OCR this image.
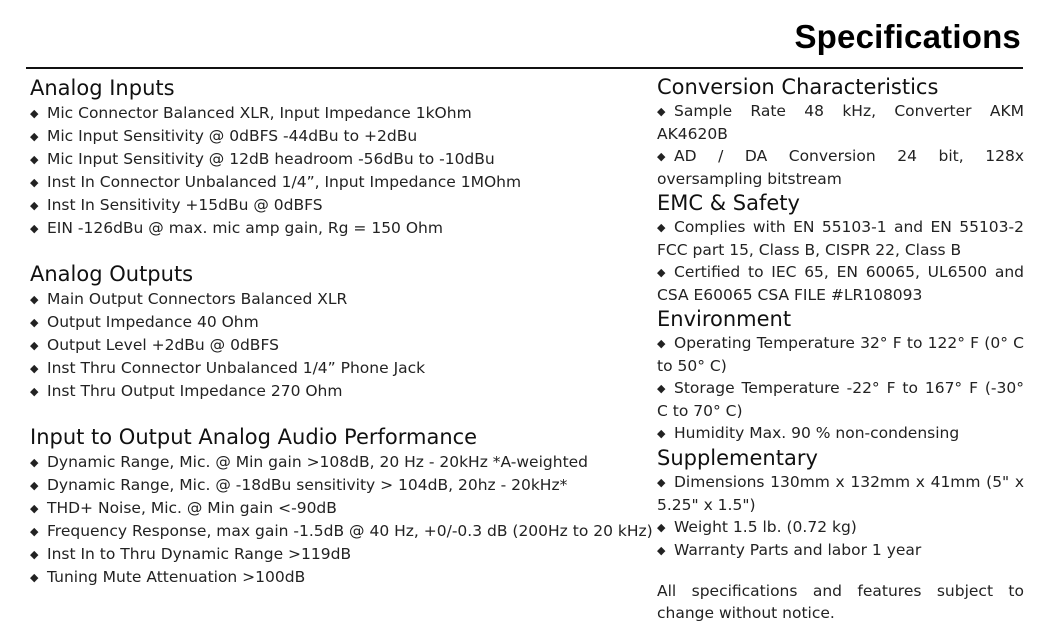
Specifications
Analog Inputs
◆ Mic Connector Balanced XLR, Input Impedance 1kOhm
◆ Mic Input Sensitivity @ 0dBFS -44dBu to +2dBu
◆ Mic Input Sensitivity @ 12dB headroom -56dBu to -10dBu
◆ Inst In Connector Unbalanced 1/4”, Input Impedance 1MOhm
◆ Inst In Sensitivity +15dBu @ 0dBFS
◆ EIN -126dBu @ max. mic amp gain, Rg = 150 Ohm
Analog Outputs
◆ Main Output Connectors Balanced XLR
◆ Output Impedance 40 Ohm
◆ Output Level +2dBu @ 0dBFS
◆ Inst Thru Connector Unbalanced 1/4” Phone Jack
◆ Inst Thru Output Impedance 270 Ohm
Input to Output Analog Audio Performance
◆ Dynamic Range, Mic. @ Min gain >108dB, 20 Hz - 20kHz *A-weighted
◆ Dynamic Range, Mic. @ -18dBu sensitivity > 104dB, 20hz - 20kHz*
◆ THD+ Noise, Mic. @ Min gain <-90dB
◆ Frequency Response, max gain -1.5dB @ 40 Hz, +0/-0.3 dB (200Hz to 20 kHz)
◆ Inst In to Thru Dynamic Range >119dB
◆ Tuning Mute Attenuation >100dB
Conversion Characteristics
◆ Sample Rate 48 kHz, Converter AKM AK4620B
◆ AD / DA Conversion 24 bit, 128x oversampling bitstream
EMC & Safety
◆ Complies with EN 55103-1 and EN 55103-2 FCC part 15, Class B, CISPR 22, Class B
◆ Certified to IEC 65, EN 60065, UL6500 and CSA E60065 CSA FILE #LR108093
Environment
◆ Operating Temperature 32° F to 122° F (0° C to 50° C)
◆ Storage Temperature -22° F to 167° F (-30° C to 70° C)
◆ Humidity Max. 90 % non-condensing
Supplementary
◆ Dimensions 130mm x 132mm x 41mm (5" x 5.25" x 1.5")
◆ Weight 1.5 lb. (0.72 kg)
◆ Warranty Parts and labor 1 year
All specifications and features subject to change without notice.
